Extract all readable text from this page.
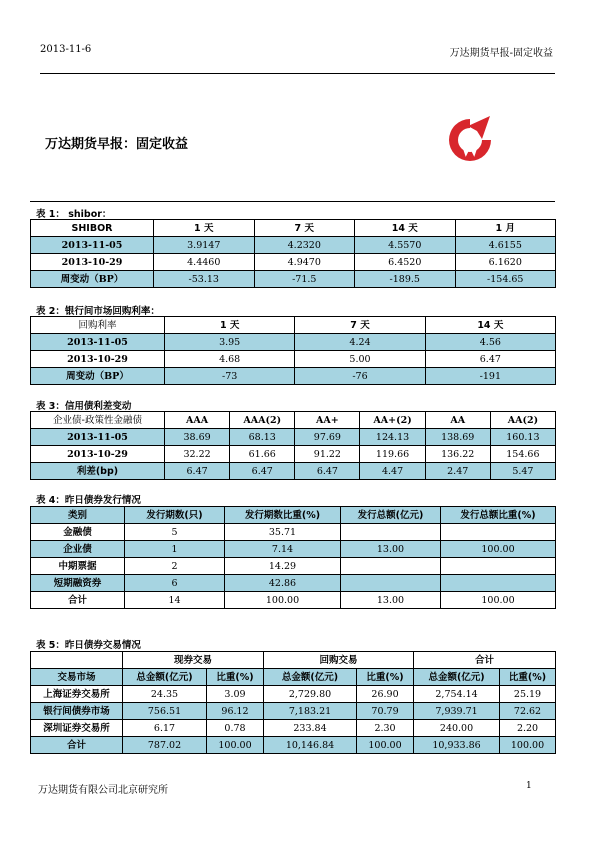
2013-11-6	万达期货早报-固定收益
万达期货早报：固定收益
表 1： shibor：
SHIBOR	1 天	7 天	14 天	1 月
2013-11-05	3.9147	4.2320	4.5570	4.6155
2013-10-29	4.4460	4.9470	6.4520	6.1620
周变动（BP）	-53.13	-71.5	-189.5	-154.65
表 2：银行间市场回购利率：
回购利率	1 天	7 天	14 天
2013-11-05	3.95	4.24	4.56
2013-10-29	4.68	5.00	6.47
周变动（BP）	-73	-76	-191
表 3：信用债利差变动
企业债-政策性金融债	AAA	AAA(2)	AA+	AA+(2)	AA	AA(2)
2013-11-05	38.69	68.13	97.69	124.13	138.69	160.13
2013-10-29	32.22	61.66	91.22	119.66	136.22	154.66
利差(bp)	6.47	6.47	6.47	4.47	2.47	5.47
表 4：昨日债券发行情况
类别	发行期数(只)	发行期数比重(%)	发行总额(亿元)	发行总额比重(%)
金融债	5	35.71		
企业债	1	7.14	13.00	100.00
中期票据	2	14.29		
短期融资券	6	42.86		
合计	14	100.00	13.00	100.00
表 5：昨日债券交易情况
	现券交易		回购交易		合计	
交易市场	总金额(亿元)	比重(%)	总金额(亿元)	比重(%)	总金额(亿元)	比重(%)
上海证券交易所	24.35	3.09	2,729.80	26.90	2,754.14	25.19
银行间债券市场	756.51	96.12	7,183.21	70.79	7,939.71	72.62
深圳证券交易所	6.17	0.78	233.84	2.30	240.00	2.20
合计	787.02	100.00	10,146.84	100.00	10,933.86	100.00
万达期货有限公司北京研究所	1
